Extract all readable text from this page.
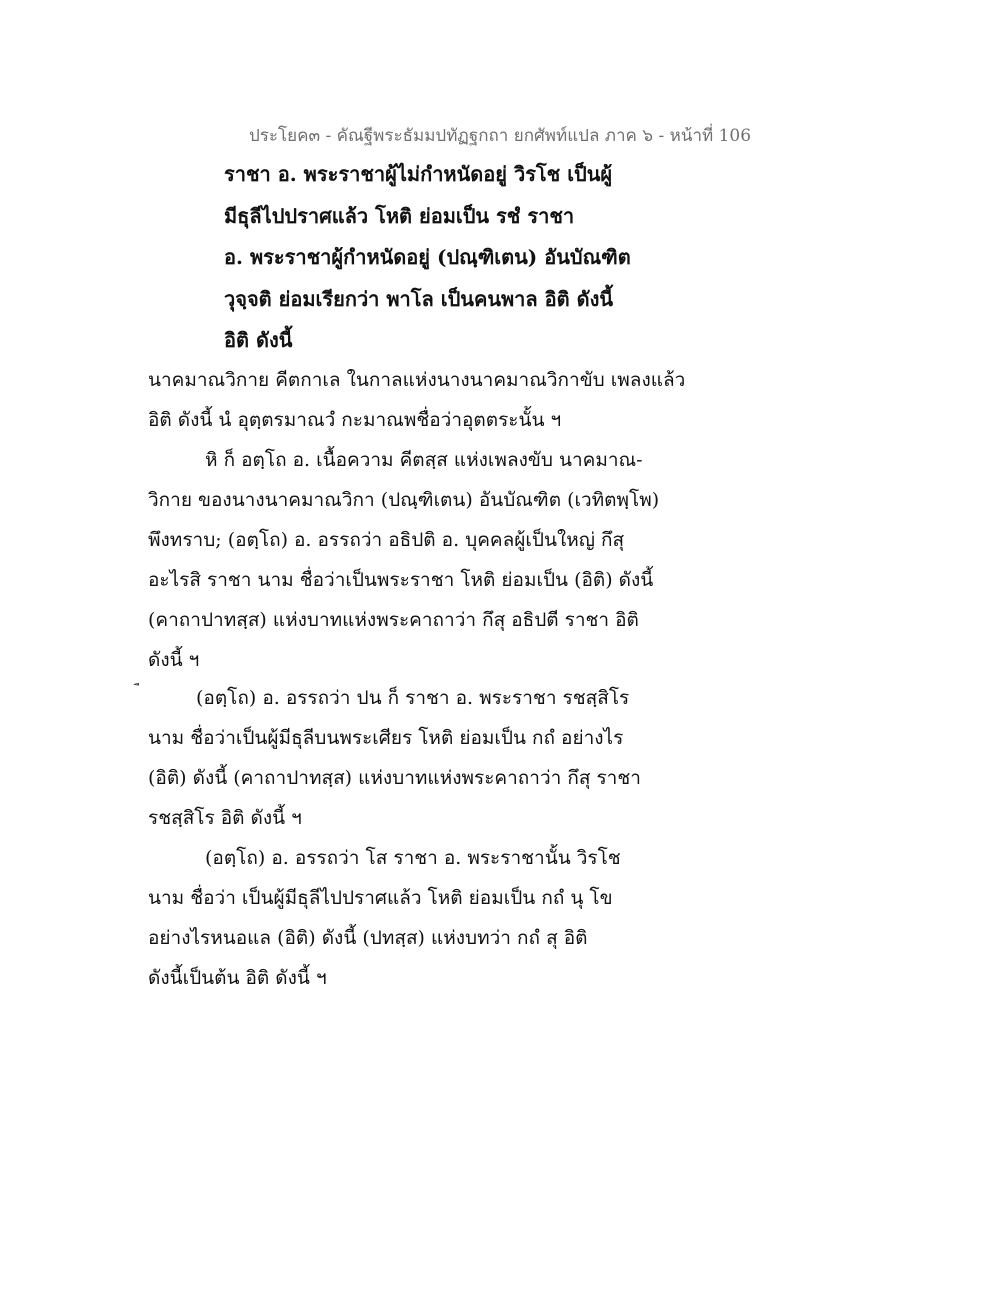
ประโยค๓ - คัณฐีพระธัมมปทัฏฐกถา ยกศัพท์แปล ภาค ๖ - หน้าที่ 106
ราชา อ. พระราชาผู้ไม่กำหนัดอยู่ วิรโช เป็นผู้
มีธุลีไปปราศแล้ว โหติ ย่อมเป็น รชํ ราชา
อ. พระราชาผู้กำหนัดอยู่ (ปณฺฑิเตน) อันบัณฑิต
วุจฺจติ ย่อมเรียกว่า พาโล เป็นคนพาล อิติ ดังนี้
อิติ ดังนี้
นาคมาณวิกาย คีตกาเล ในกาลแห่งนางนาคมาณวิกาขับ เพลงแล้ว
อิติ ดังนี้ นํ อุตฺตรมาณวํ กะมาณพชื่อว่าอุตตระนั้น ฯ
หิ ก็ อตฺโถ อ. เนื้อความ คีตสฺส แห่งเพลงขับ นาคมาณ-
วิกาย ของนางนาคมาณวิกา (ปณฺฑิเตน) อันบัณฑิต (เวทิตพฺโพ)
พึงทราบ; (อตฺโถ) อ. อรรถว่า อธิปติ อ. บุคคลผู้เป็นใหญ่ กึสุ
อะไรสิ ราชา นาม ชื่อว่าเป็นพระราชา โหติ ย่อมเป็น (อิติ) ดังนี้
(คาถาปาทสฺส) แห่งบาทแห่งพระคาถาว่า กึสุ อธิปตี ราชา อิติ
ดังนี้ ฯ
(อตฺโถ) อ. อรรถว่า ปน ก็ ราชา อ. พระราชา รชสฺสิโร
นาม ชื่อว่าเป็นผู้มีธุลีบนพระเศียร โหติ ย่อมเป็น กถํ อย่างไร
(อิติ) ดังนี้ (คาถาปาทสฺส) แห่งบาทแห่งพระคาถาว่า กึสุ ราชา
รชสฺสิโร อิติ ดังนี้ ฯ
(อตฺโถ) อ. อรรถว่า โส ราชา อ. พระราชานั้น วิรโช
นาม ชื่อว่า เป็นผู้มีธุลีไปปราศแล้ว โหติ ย่อมเป็น กถํ นุ โข
อย่างไรหนอแล (อิติ) ดังนี้ (ปทสฺส) แห่งบทว่า กถํ สุ อิติ
ดังนี้เป็นต้น อิติ ดังนี้ ฯ
